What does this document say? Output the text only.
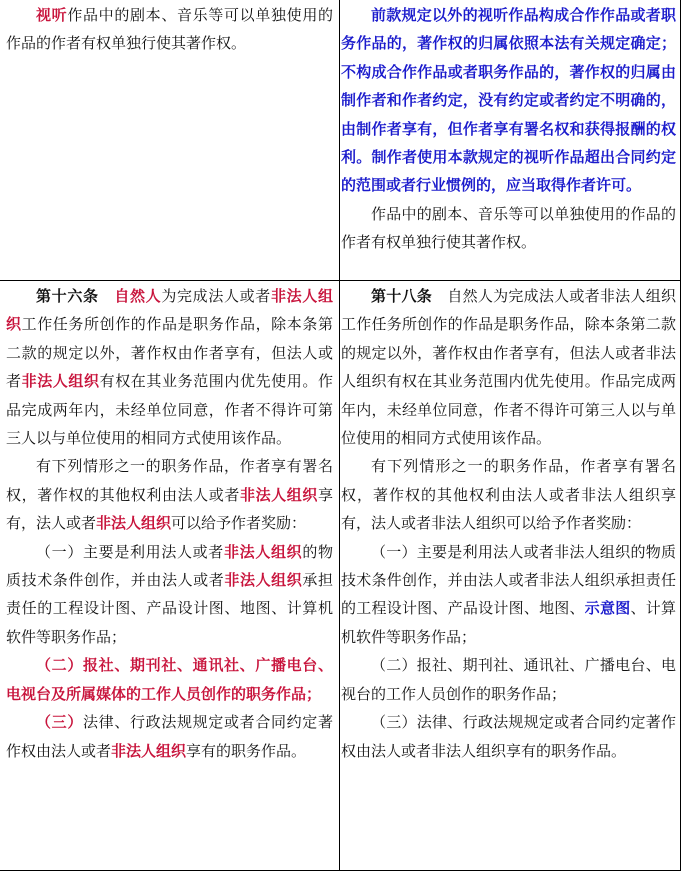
视听作品中的剧本、音乐等可以单独使用的作品的作者有权单独行使其著作权。

前款规定以外的视听作品构成合作作品或者职务作品的，著作权的归属依照本法有关规定确定；不构成合作作品或者职务作品的，著作权的归属由制作者和作者约定，没有约定或者约定不明确的，由制作者享有，但作者享有署名权和获得报酬的权利。制作者使用本款规定的视听作品超出合同约定的范围或者行业惯例的，应当取得作者许可。

作品中的剧本、音乐等可以单独使用的作品的作者有权单独行使其著作权。

第十六条　 自然人为完成法人或者非法人组织工作任务所创作的作品是职务作品，除本条第二款的规定以外，著作权由作者享有，但法人或者非法人组织有权在其业务范围内优先使用。作品完成两年内，未经单位同意，作者不得许可第三人以与单位使用的相同方式使用该作品。

有下列情形之一的职务作品，作者享有署名权，著作权的其他权利由法人或者非法人组织享有，法人或者非法人组织可以给予作者奖励：

（一）主要是利用法人或者非法人组织的物质技术条件创作，并由法人或者非法人组织承担责任的工程设计图、产品设计图、地图、计算机软件等职务作品；

（二）报社、期刊社、通讯社、广播电台、电视台及所属媒体的工作人员创作的职务作品；

（三）法律、行政法规规定或者合同约定著作权由法人或者非法人组织享有的职务作品。

第十八条　 自然人为完成法人或者非法人组织工作任务所创作的作品是职务作品，除本条第二款的规定以外，著作权由作者享有，但法人或者非法人组织有权在其业务范围内优先使用。作品完成两年内，未经单位同意，作者不得许可第三人以与单位使用的相同方式使用该作品。

有下列情形之一的职务作品，作者享有署名权，著作权的其他权利由法人或者非法人组织享有，法人或者非法人组织可以给予作者奖励：

（一）主要是利用法人或者非法人组织的物质技术条件创作，并由法人或者非法人组织承担责任的工程设计图、产品设计图、地图、示意图、计算机软件等职务作品；

（二）报社、期刊社、通讯社、广播电台、电视台的工作人员创作的职务作品；

（三）法律、行政法规规定或者合同约定著作权由法人或者非法人组织享有的职务作品。
